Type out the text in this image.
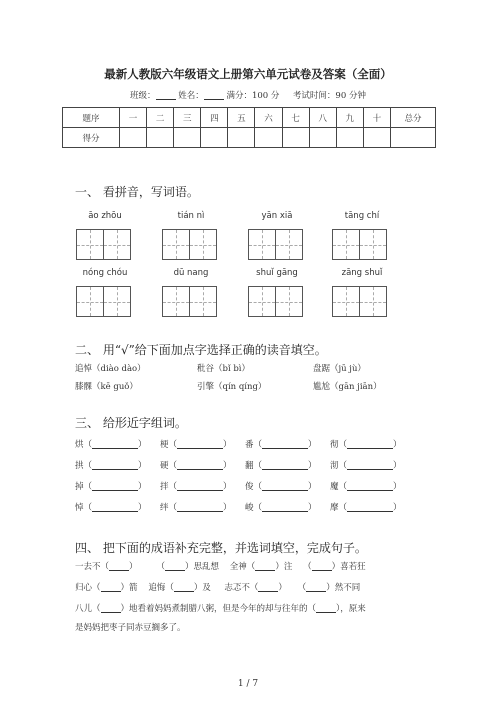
最新人教版六年级语文上册第六单元试卷及答案（全面）
班级：	姓名：	满分：100 分 考试时间：90 分钟
题序	一	二	三	四	五	六	七	八	九	十	总分
得分											
一、 看拼音，写词语。
āo zhōu	tián nì	yān xiā	tāng chí
nóng chóu	dū nang	shuǐ gāng	zāng shuǐ
二、 用“√”给下面加点字选择正确的读音填空。
追悼（diào dào）	秕谷（bǐ bì）	盘踞（jū jù）
膝髁（kē guǒ）	引擎（qín qíng）	尴尬（gān jiān）
三、 给形近字组词。
烘（	） 梗（	） 番（	） 彻（	）
拱（	） 硬（	） 翻（	） 沏（	）
掉（	） 拌（	） 俊（	） 魔（	）
悼（	） 绊（	） 峻（	） 摩（	）
四、 把下面的成语补充完整，并选词填空，完成句子。
一去不（ ） （ ）思乱想 全神（ ）注 （ ）喜若狂
归心（ ）箭 追悔（ ）及 志忑不（ ） （ ）然不同
八儿（ ）地看着妈妈煮制腊八粥，但是今年的却与往年的（ ），原来
是妈妈把枣子同赤豆搁多了。
1 / 7
